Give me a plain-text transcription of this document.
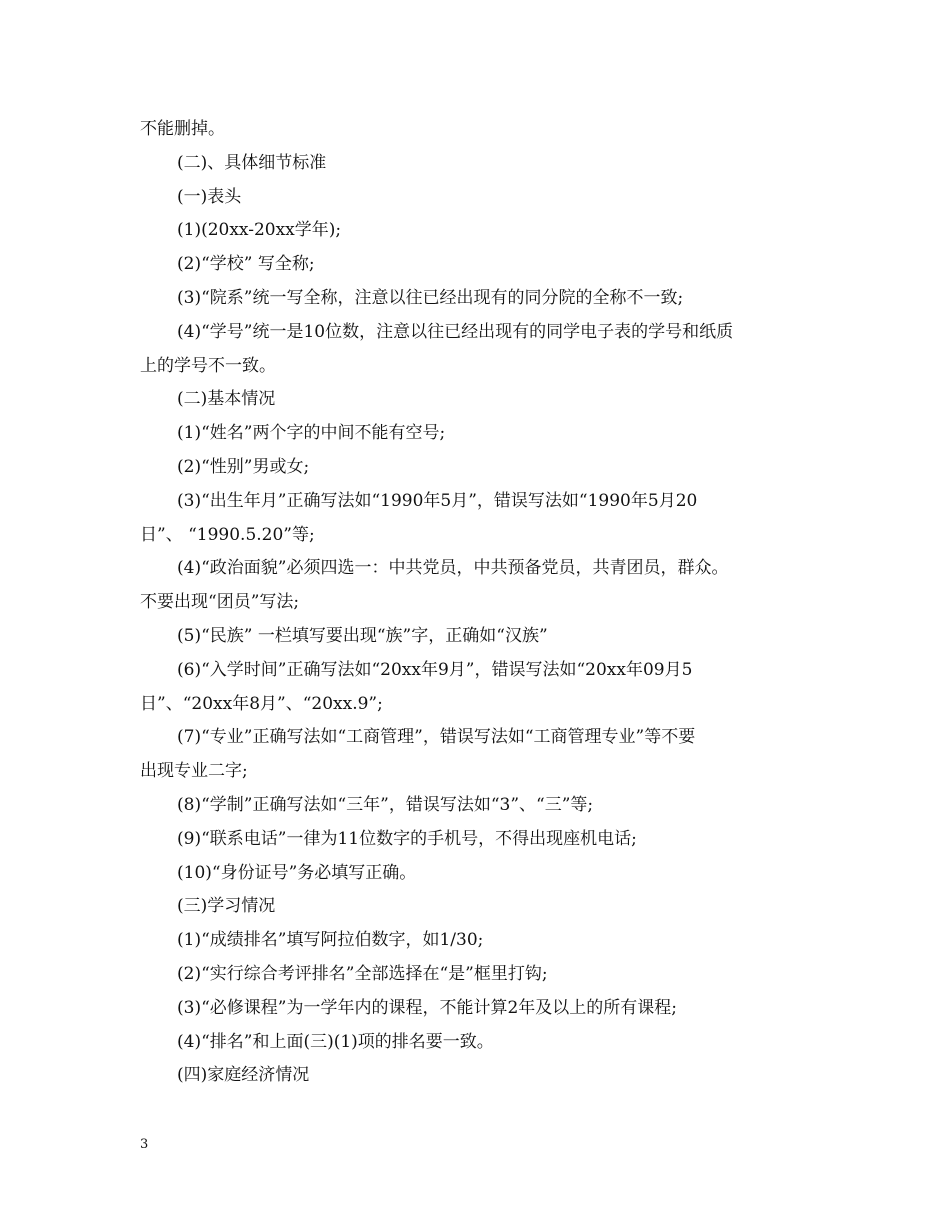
不能删掉。

(二)、具体细节标准

(一)表头

(1)(20xx-20xx学年);

(2)“学校” 写全称;

(3)“院系”统一写全称，注意以往已经出现有的同分院的全称不一致;

(4)“学号”统一是10位数，注意以往已经出现有的同学电子表的学号和纸质

上的学号不一致。

(二)基本情况

(1)“姓名”两个字的中间不能有空号;

(2)“性别”男或女;

(3)“出生年月”正确写法如“1990年5月”，错误写法如“1990年5月20

日”、 “1990.5.20”等;

(4)“政治面貌”必须四选一：中共党员，中共预备党员，共青团员，群众。

不要出现“团员”写法;

(5)“民族” 一栏填写要出现“族”字，正确如“汉族”

(6)“入学时间”正确写法如“20xx年9月”，错误写法如“20xx年09月5

日”、“20xx年8月”、“20xx.9”;

(7)“专业”正确写法如“工商管理”，错误写法如“工商管理专业”等不要

出现专业二字;

(8)“学制”正确写法如“三年”，错误写法如“3”、“三”等;

(9)“联系电话”一律为11位数字的手机号，不得出现座机电话;

(10)“身份证号”务必填写正确。

(三)学习情况

(1)“成绩排名”填写阿拉伯数字，如1/30;

(2)“实行综合考评排名”全部选择在“是”框里打钩;

(3)“必修课程”为一学年内的课程，不能计算2年及以上的所有课程;

(4)“排名”和上面(三)(1)项的排名要一致。

(四)家庭经济情况

3
